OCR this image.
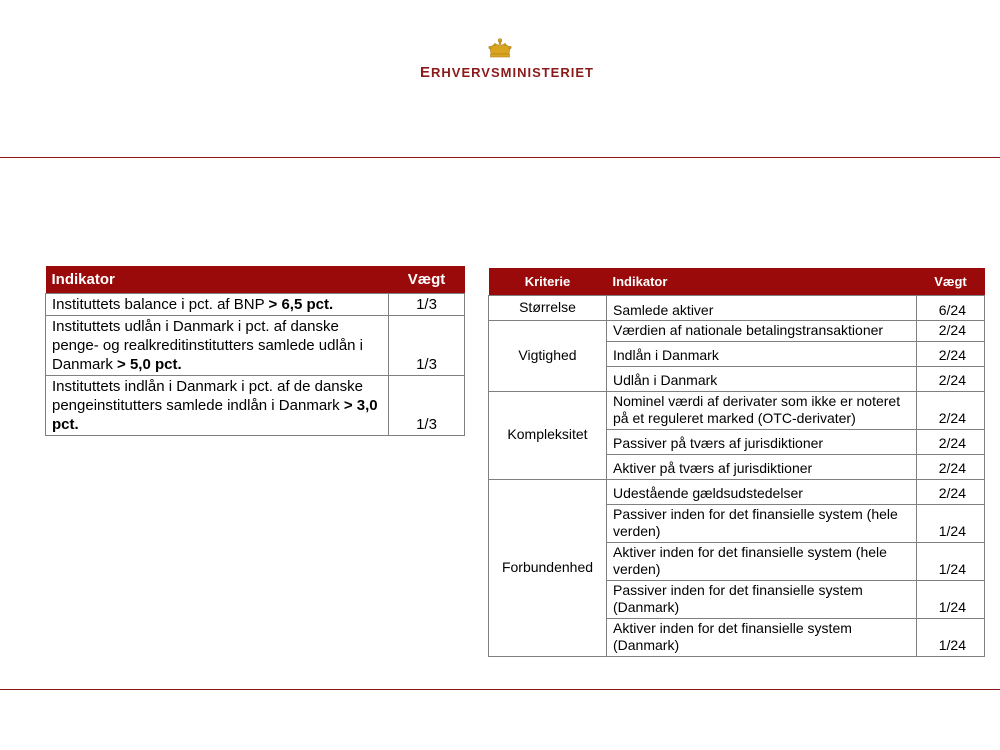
ERHVERVSMINISTERIET
Indikator	Vægt
Instituttets balance i pct. af BNP > 6,5 pct.	1/3
Instituttets udlån i Danmark i pct. af danske penge- og realkreditinstitutters samlede udlån i Danmark > 5,0 pct.	1/3
Instituttets indlån i Danmark i pct. af de danske pengeinstitutters samlede indlån i Danmark > 3,0 pct.	1/3
Kriterie	Indikator	Vægt
Størrelse	Samlede aktiver	6/24
Vigtighed	Værdien af nationale betalingstransaktioner	2/24
	Indlån i Danmark	2/24
	Udlån i Danmark	2/24
Kompleksitet	Nominel værdi af derivater som ikke er noteret på et reguleret marked (OTC-derivater)	2/24
	Passiver på tværs af jurisdiktioner	2/24
	Aktiver på tværs af jurisdiktioner	2/24
Forbundenhed	Udestående gældsudstedelser	2/24
	Passiver inden for det finansielle system (hele verden)	1/24
	Aktiver inden for det finansielle system (hele verden)	1/24
	Passiver inden for det finansielle system (Danmark)	1/24
	Aktiver inden for det finansielle system (Danmark)	1/24
